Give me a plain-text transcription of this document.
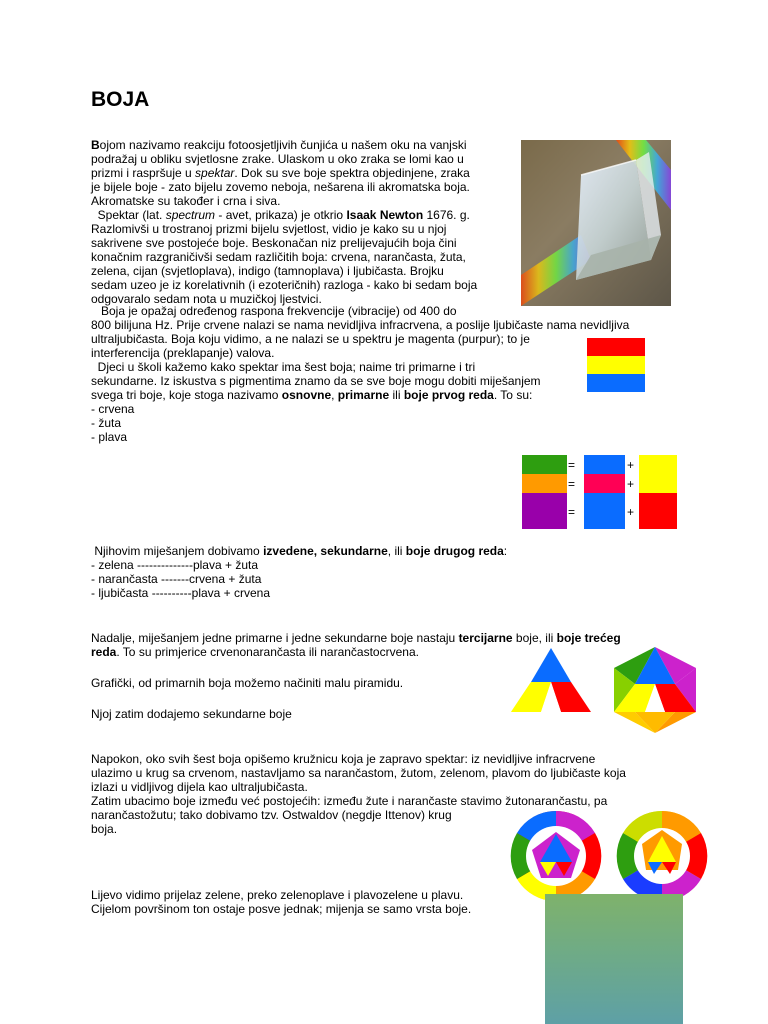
BOJA
Bojom nazivamo reakciju fotoosjetljivih čunjića u našem oku na vanjski
podražaj u obliku svjetlosne zrake. Ulaskom u oko zraka se lomi kao u
prizmi i raspršuje u spektar. Dok su sve boje spektra objedinjene, zraka
je bijele boje - zato bijelu zovemo neboja, nešarena ili akromatska boja.
Akromatske su također i crna i siva.
Spektar (lat. spectrum - avet, prikaza) je otkrio Isaak Newton 1676. g.
Razlomivši u trostranoj prizmi bijelu svjetlost, vidio je kako su u njoj
sakrivene sve postojeće boje. Beskonačan niz prelijevajućih boja čini
konačnim razgraničivši sedam različitih boja: crvena, narančasta, žuta,
zelena, cijan (svjetloplava), indigo (tamnoplava) i ljubičasta. Brojku
sedam uzeo je iz korelativnih (i ezoteričnih) razloga - kako bi sedam boja
odgovaralo sedam nota u muzičkoj ljestvici.
Boja je opažaj određenog raspona frekvencije (vibracije) od 400 do
800 bilijuna Hz. Prije crvene nalazi se nama nevidljiva infracrvena, a poslije ljubičaste nama nevidljiva
ultraljubičasta. Boja koju vidimo, a ne nalazi se u spektru je magenta (purpur); to je
interferencija (preklapanje) valova.
Djeci u školi kažemo kako spektar ima šest boja; naime tri primarne i tri
sekundarne. Iz iskustva s pigmentima znamo da se sve boje mogu dobiti miješanjem
svega tri boje, koje stoga nazivamo osnovne, primarne ili boje prvog reda. To su:
- crvena
- žuta
- plava
=
=
=
+
+
+
Njihovim miješanjem dobivamo izvedene, sekundarne, ili boje drugog reda:
- zelena --------------plava + žuta
- narančasta -------crvena + žuta
- ljubičasta ----------plava + crvena
Nadalje, miješanjem jedne primarne i jedne sekundarne boje nastaju tercijarne boje, ili boje trećeg
reda. To su primjerice crvenonarančasta ili narančastocrvena.
Grafički, od primarnih boja možemo načiniti malu piramidu.
Njoj zatim dodajemo sekundarne boje
Napokon, oko svih šest boja opišemo kružnicu koja je zapravo spektar: iz nevidljive infracrvene
ulazimo u krug sa crvenom, nastavljamo sa narančastom, žutom, zelenom, plavom do ljubičaste koja
izlazi u vidljivog dijela kao ultraljubičasta.
Zatim ubacimo boje između već postojećih: između žute i narančaste stavimo žutonarančastu, pa
narančastožutu; tako dobivamo tzv. Ostwaldov (negdje Ittenov) krug
boja.
Lijevo vidimo prijelaz zelene, preko zelenoplave i plavozelene u plavu.
Cijelom površinom ton ostaje posve jednak; mijenja se samo vrsta boje.
